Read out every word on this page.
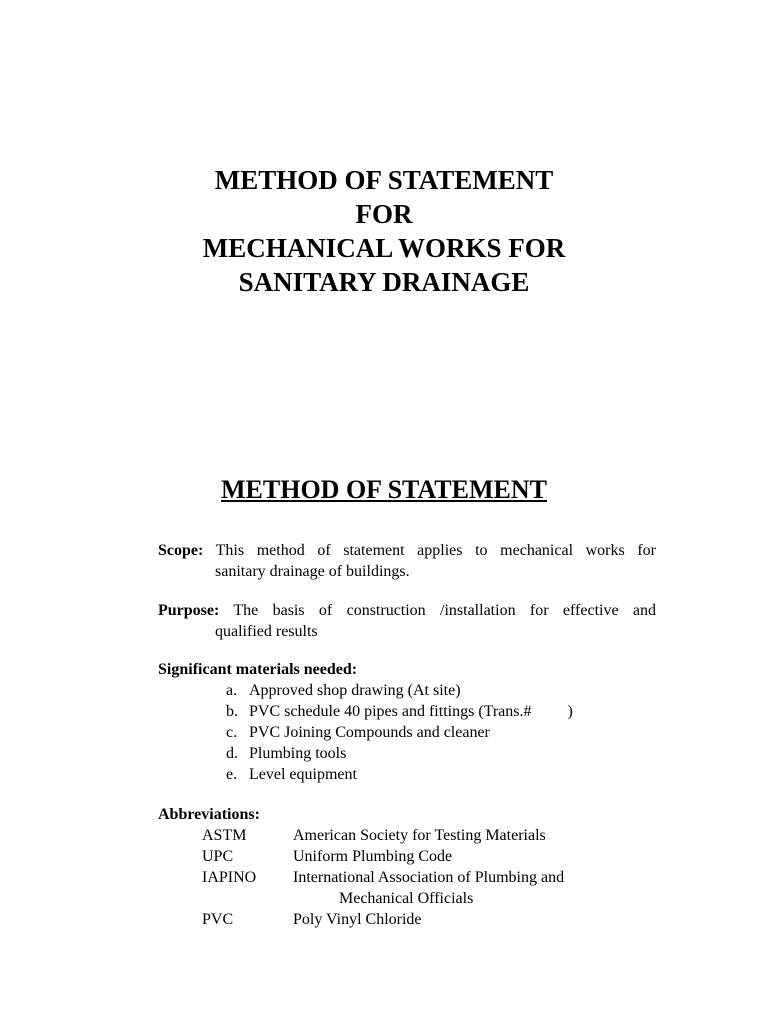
METHOD OF STATEMENT
FOR
MECHANICAL WORKS FOR
SANITARY DRAINAGE
METHOD OF STATEMENT
Scope: This method of statement applies to mechanical works for
sanitary drainage of buildings.
Purpose: The basis of construction /installation for effective and
qualified results
Significant materials needed:
a. Approved shop drawing (At site)
b. PVC schedule 40 pipes and fittings (Trans.#         )
c. PVC Joining Compounds and cleaner
d. Plumbing tools
e. Level equipment
Abbreviations:
ASTM	American Society for Testing Materials
UPC	Uniform Plumbing Code
IAPINO	International Association of Plumbing and
Mechanical Officials
PVC	Poly Vinyl Chloride
